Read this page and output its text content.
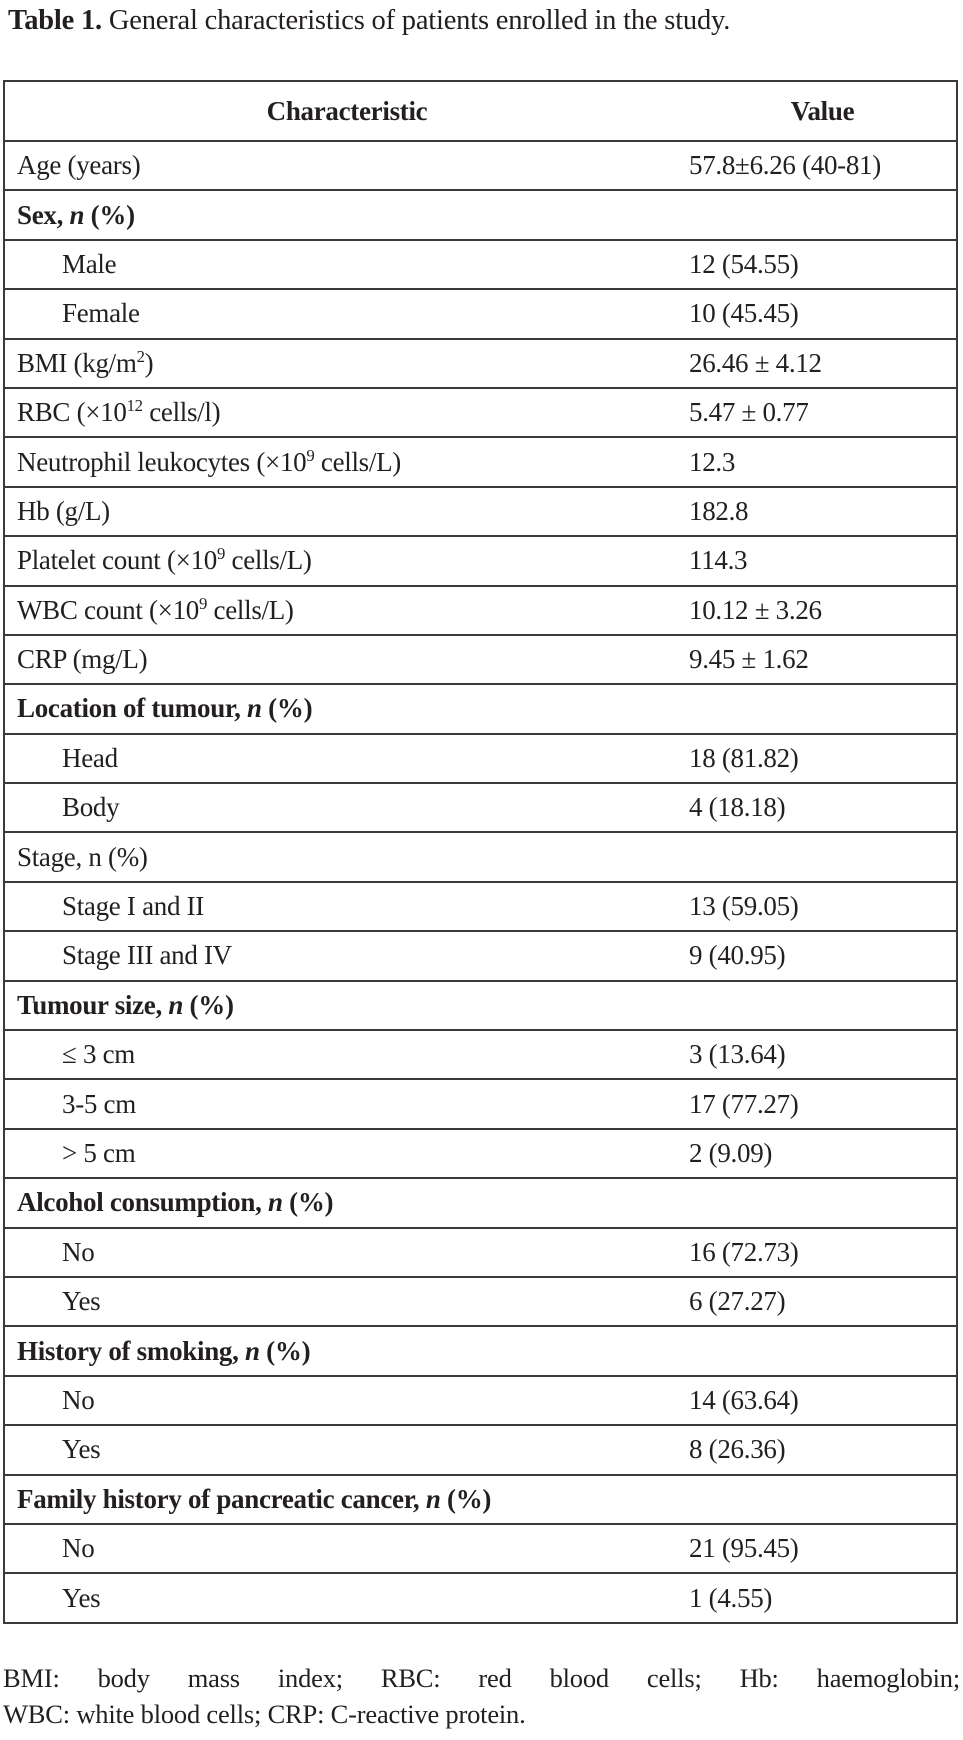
Table 1. General characteristics of patients enrolled in the study.
Characteristic	Value
Age (years)	57.8±6.26 (40-81)
Sex, n (%)
Male	12 (54.55)
Female	10 (45.45)
BMI $(kg/m^2)$	26.46 ± 4.12
RBC ($\times 10^{12}$ cells/l)	5.47 ± 0.77
Neutrophil leukocytes ($\times 10^9$ cells/L)	12.3
Hb (g/L)	182.8
Platelet count ($\times 10^9$ cells/L)	114.3
WBC count ($\times 10^9$ cells/L)	10.12 ± 3.26
CRP (mg/L)	9.45 ± 1.62
Location of tumour, n (%)
Head	18 (81.82)
Body	4 (18.18)
Stage, n (%)
Stage I and II	13 (59.05)
Stage III and IV	9 (40.95)
Tumour size, n (%)
≤ 3 cm	3 (13.64)
3-5 cm	17 (77.27)
> 5 cm	2 (9.09)
Alcohol consumption, n (%)
No	16 (72.73)
Yes	6 (27.27)
History of smoking, n (%)
No	14 (63.64)
Yes	8 (26.36)
Family history of pancreatic cancer, n (%)
No	21 (95.45)
Yes	1 (4.55)
BMI: body mass index; RBC: red blood cells; Hb: haemoglobin;
WBC: white blood cells; CRP: C-reactive protein.
